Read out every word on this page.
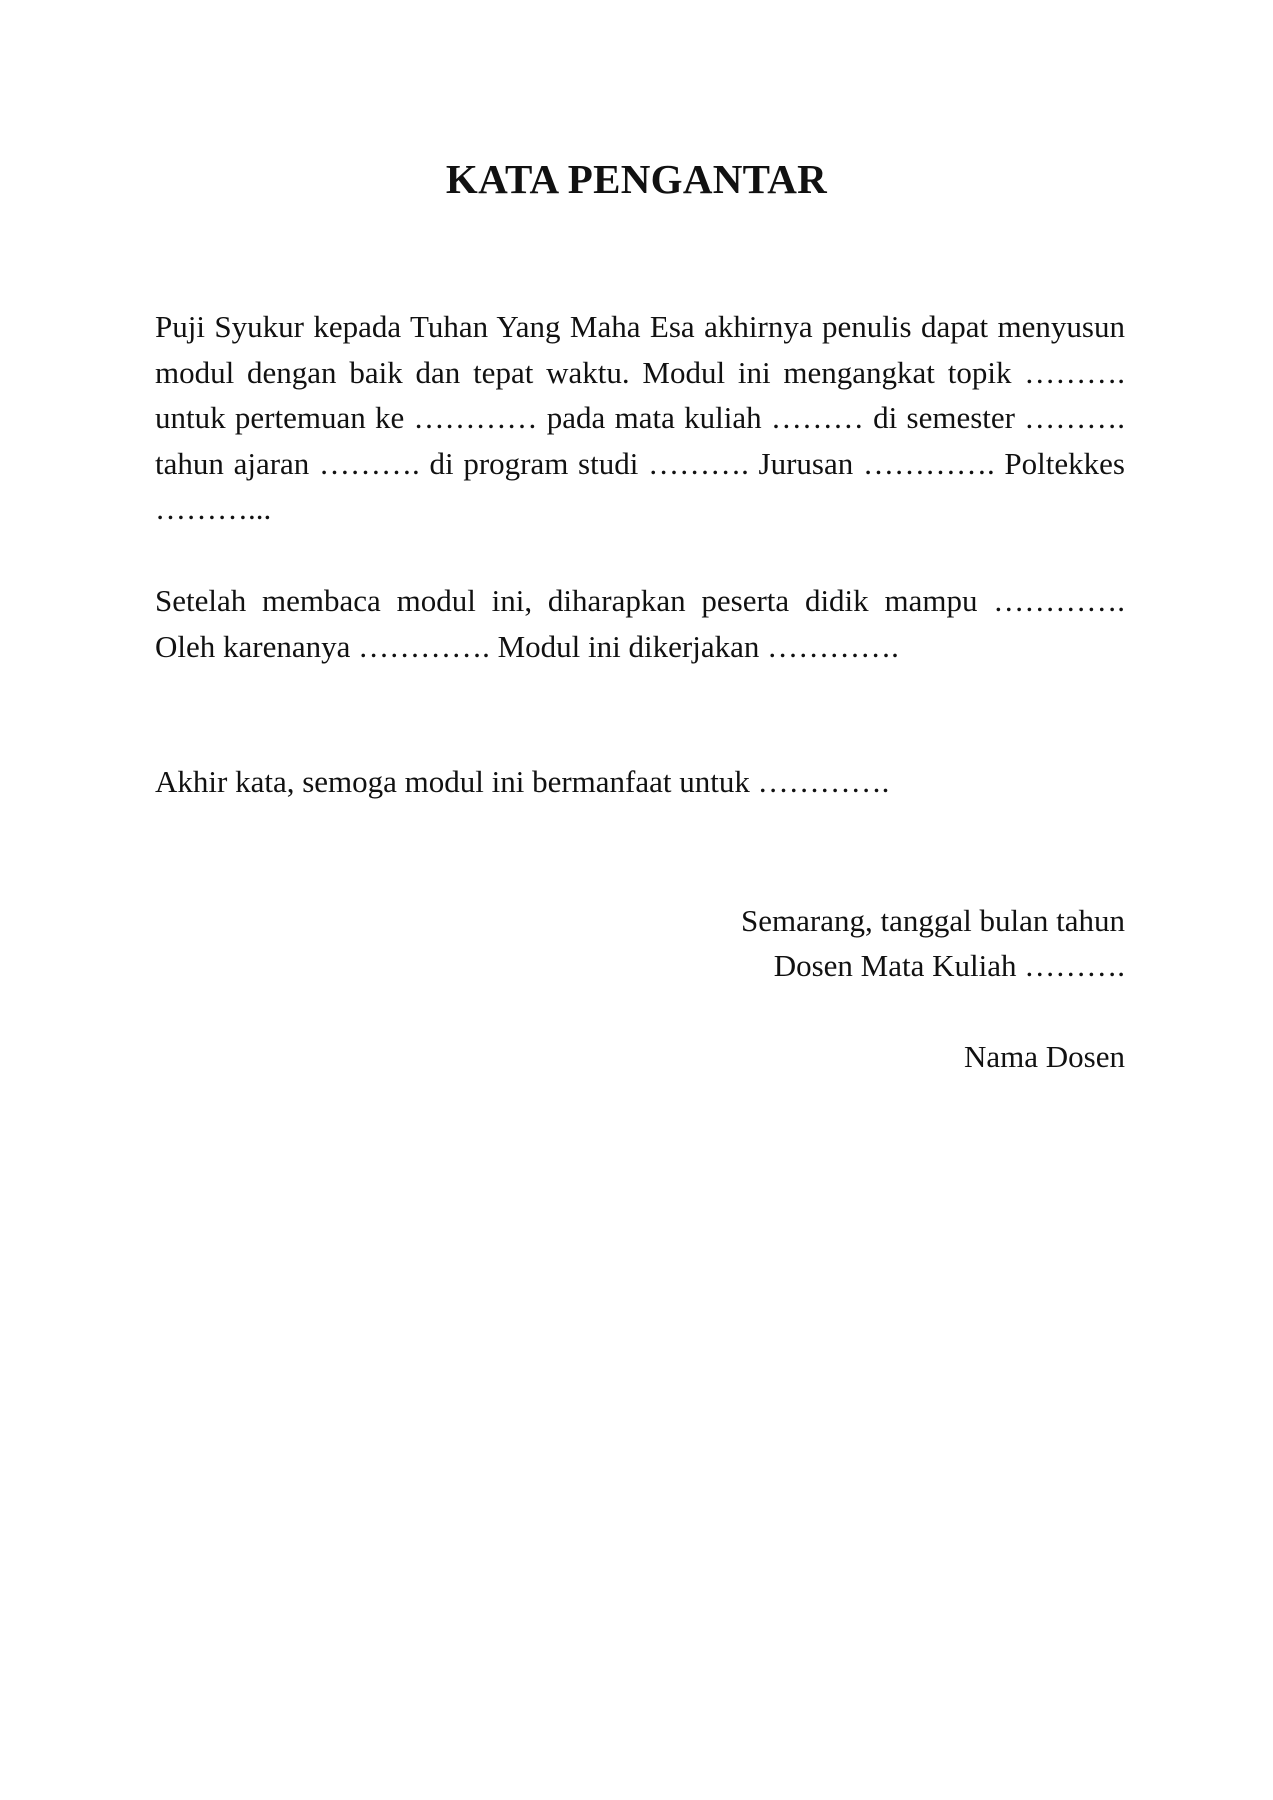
KATA PENGANTAR

Puji Syukur kepada Tuhan Yang Maha Esa akhirnya penulis dapat menyusun modul dengan baik dan tepat waktu. Modul ini mengangkat topik ………. untuk pertemuan ke ………… pada mata kuliah ……… di semester ………. tahun ajaran ………. di program studi ………. Jurusan …………. Poltekkes ………...

Setelah membaca modul ini, diharapkan peserta didik mampu …………. Oleh karenanya …………. Modul ini dikerjakan ………….

Akhir kata, semoga modul ini bermanfaat untuk ………….

Semarang, tanggal bulan tahun

Dosen Mata Kuliah ……….

Nama Dosen
